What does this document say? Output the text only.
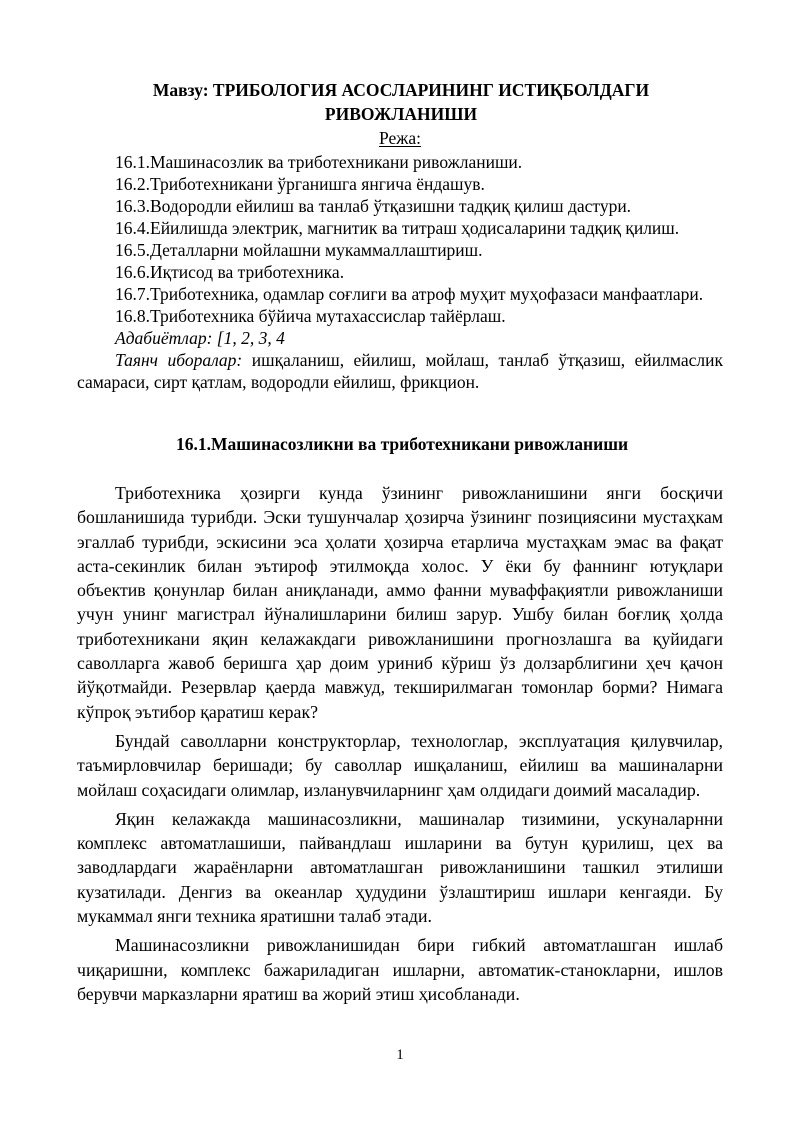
Мавзу: ТРИБОЛОГИЯ АСОСЛАРИНИНГ ИСТИҚБОЛДАГИ
РИВОЖЛАНИШИ
Режа:
16.1.Машинасозлик ва триботехникани ривожланиши.
16.2.Триботехникани ўрганишга янгича ёндашув.
16.3.Водородли ейилиш ва танлаб ўтқазишни тадқиқ қилиш дастури.
16.4.Ейилишда электрик, магнитик ва титраш ҳодисаларини тадқиқ қилиш.
16.5.Деталларни мойлашни мукаммаллаштириш.
16.6.Иқтисод ва триботехника.
16.7.Триботехника, одамлар соғлиги ва атроф муҳит муҳофазаси манфаатлари.
16.8.Триботехника бўйича мутахассислар тайёрлаш.
Адабиётлар: [1, 2, 3, 4
Таянч иборалар: ишқаланиш, ейилиш, мойлаш, танлаб ўтқазиш, ейилмаслик самараси, сирт қатлам, водородли ейилиш, фрикцион.
16.1.Машинасозликни ва триботехникани ривожланиши

Триботехника ҳозирги кунда ўзининг ривожланишини янги босқичи бошланишида турибди. Эски тушунчалар ҳозирча ўзининг позициясини мустаҳкам эгаллаб турибди, эскисини эса ҳолати ҳозирча етарлича мустаҳкам эмас ва фақат аста-секинлик билан эътироф этилмоқда холос. У ёки бу фаннинг ютуқлари объектив қонунлар билан аниқланади, аммо фанни муваффақиятли ривожланиши учун унинг магистрал йўналишларини билиш зарур. Ушбу билан боғлиқ ҳолда триботехникани яқин келажакдаги ривожланишини прогнозлашга ва қуйидаги саволларга жавоб беришга ҳар доим уриниб кўриш ўз долзарблигини ҳеч қачон йўқотмайди. Резервлар қаерда мавжуд, текширилмаган томонлар борми? Нимага кўпроқ эътибор қаратиш керак?

Бундай саволларни конструкторлар, технологлар, эксплуатация қилувчилар, таъмирловчилар беришади; бу саволлар ишқаланиш, ейилиш ва машиналарни мойлаш соҳасидаги олимлар, изланувчиларнинг ҳам олдидаги доимий масаладир.

Яқин келажакда машинасозликни, машиналар тизимини, ускуналарнни комплекс автоматлашиши, пайвандлаш ишларини ва бутун қурилиш, цех ва заводлардаги жараёнларни автоматлашган ривожланишини ташкил этилиши кузатилади. Денгиз ва океанлар ҳудудини ўзлаштириш ишлари кенгаяди. Бу мукаммал янги техника яратишни талаб этади.

Машинасозликни ривожланишидан бири гибкий автоматлашган ишлаб чиқаришни, комплекс бажариладиган ишларни, автоматик-станокларни, ишлов берувчи марказларни яратиш ва жорий этиш ҳисобланади.

1
